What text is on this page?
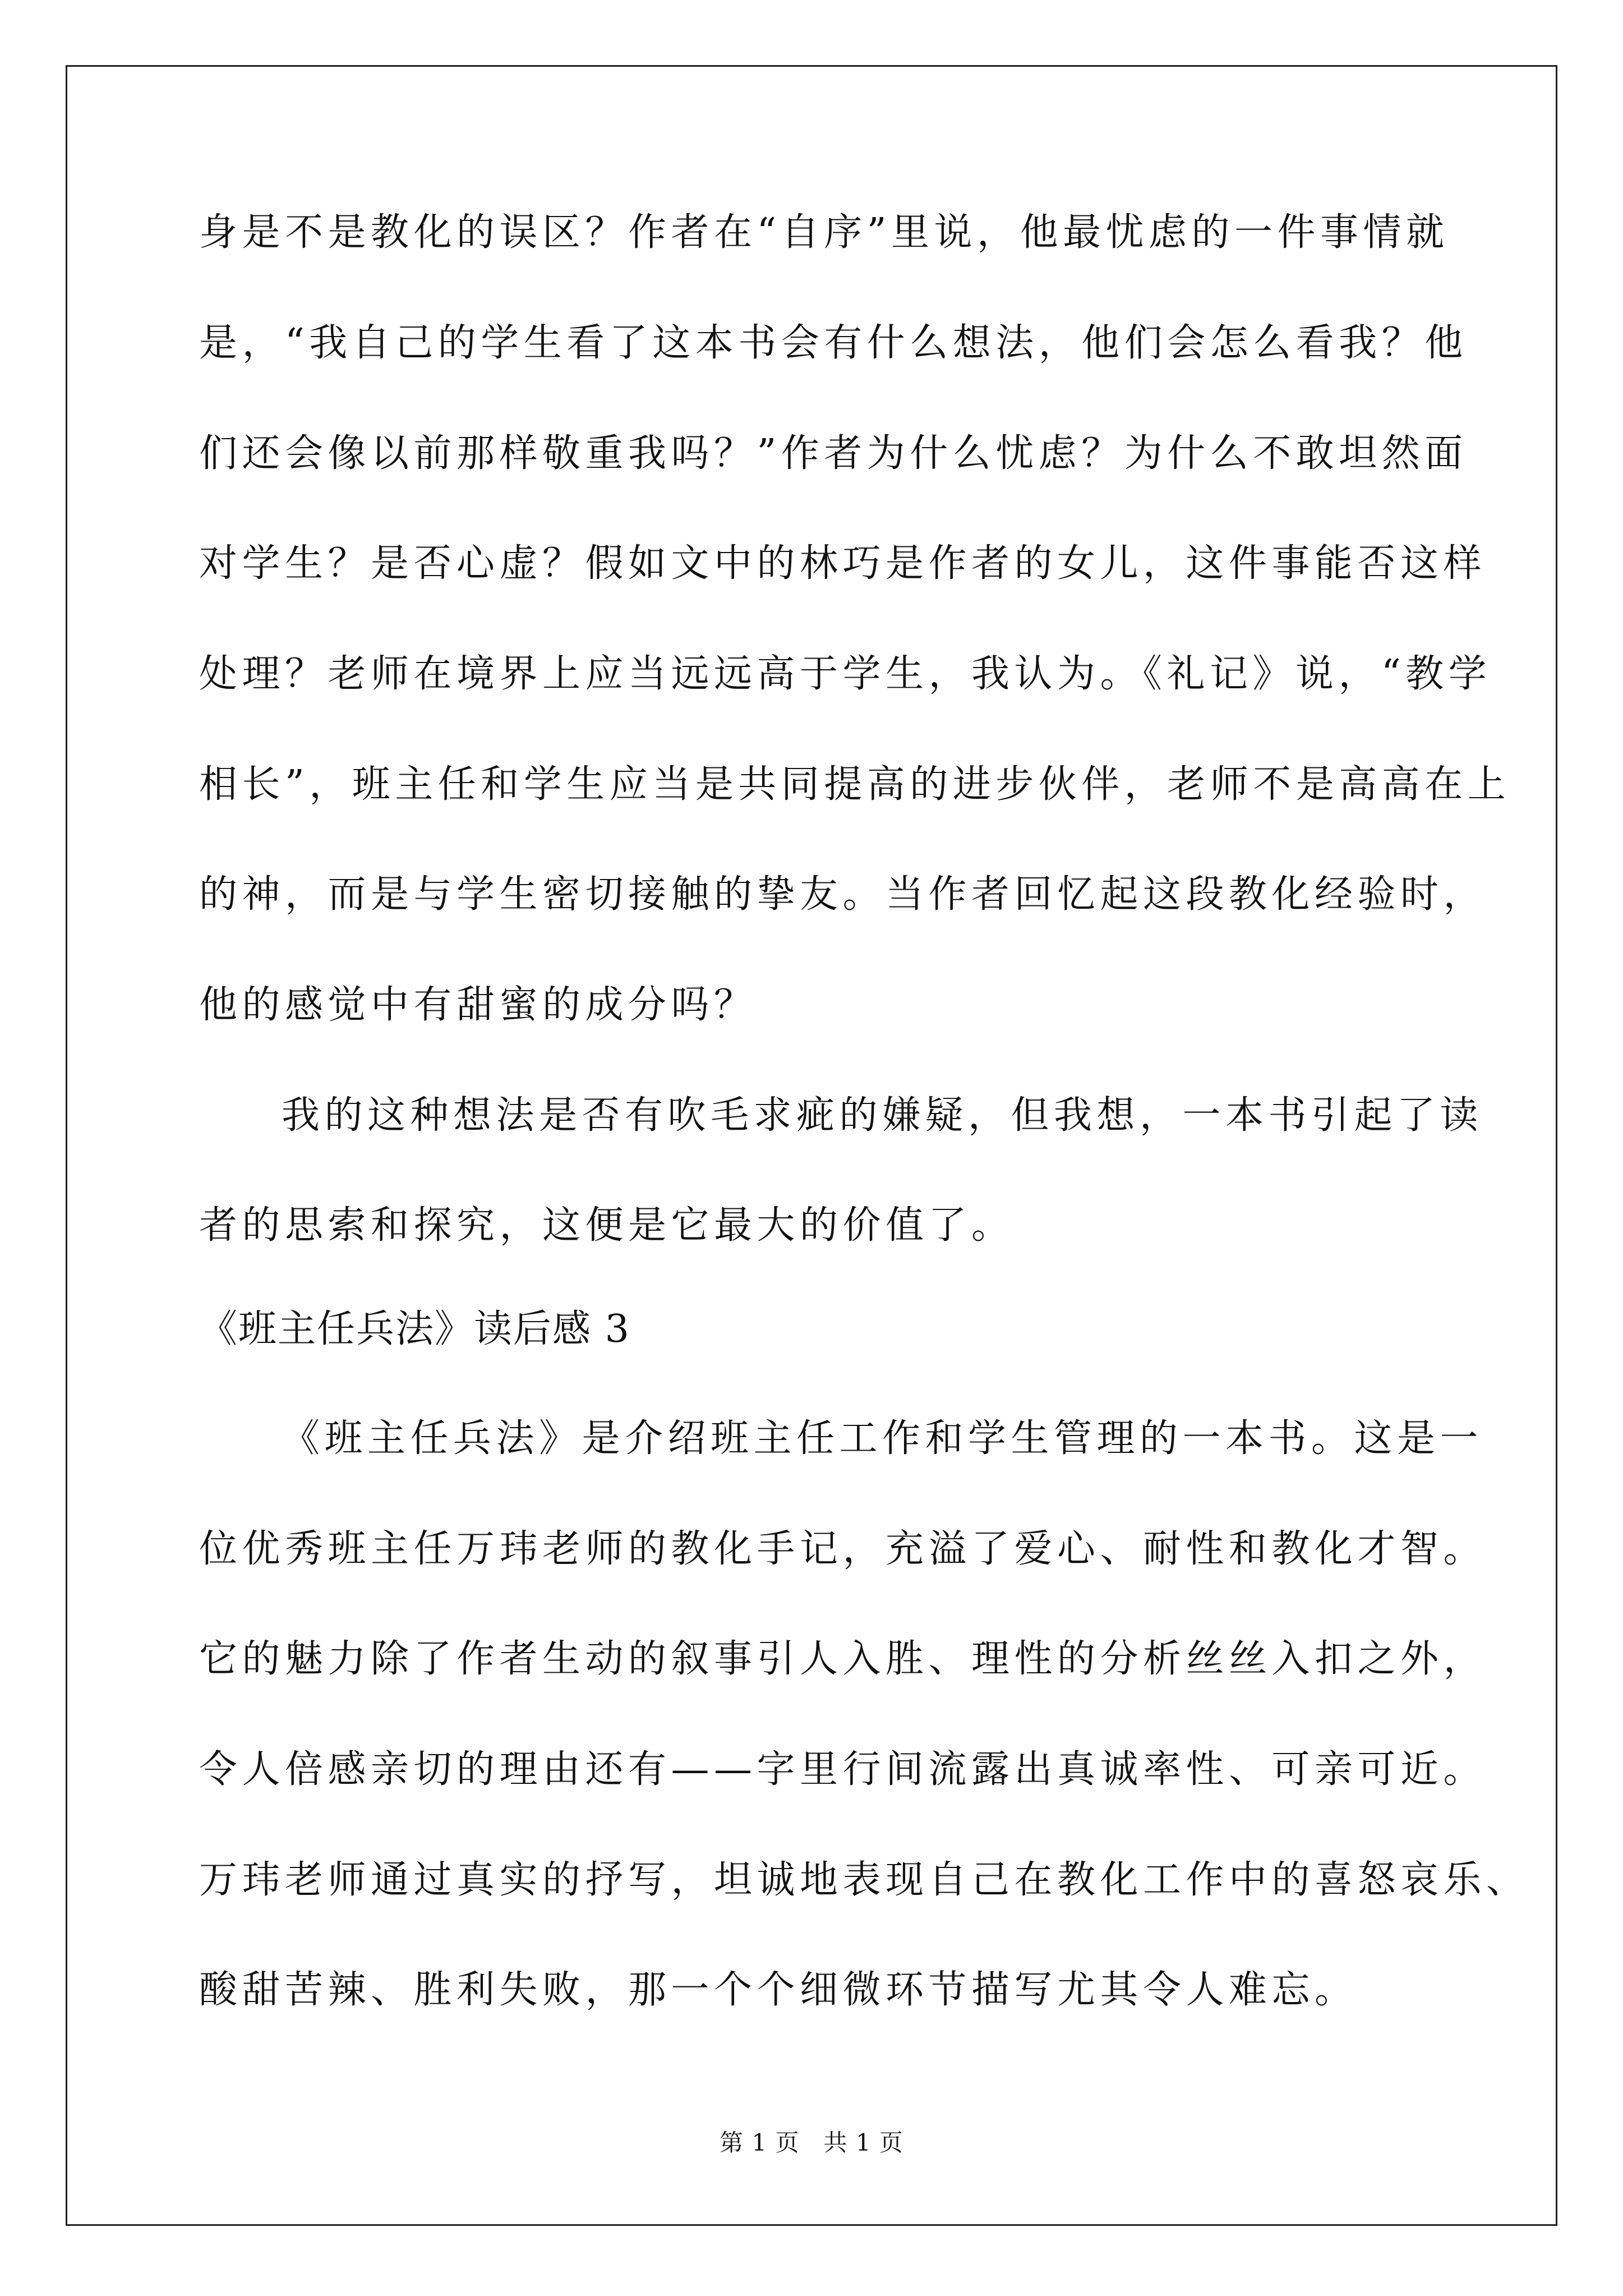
身是不是教化的误区？作者在“自序”里说，他最忧虑的一件事情就
是，“我自己的学生看了这本书会有什么想法，他们会怎么看我？他
们还会像以前那样敬重我吗？”作者为什么忧虑？为什么不敢坦然面
对学生？是否心虚？假如文中的林巧是作者的女儿，这件事能否这样
处理？老师在境界上应当远远高于学生，我认为。《礼记》说，“教学
相长”，班主任和学生应当是共同提高的进步伙伴，老师不是高高在上
的神，而是与学生密切接触的挚友。当作者回忆起这段教化经验时，
他的感觉中有甜蜜的成分吗？
我的这种想法是否有吹毛求疵的嫌疑，但我想，一本书引起了读
者的思索和探究，这便是它最大的价值了。
《班主任兵法》读后感 3
《班主任兵法》是介绍班主任工作和学生管理的一本书。这是一
位优秀班主任万玮老师的教化手记，充溢了爱心、耐性和教化才智。
它的魅力除了作者生动的叙事引人入胜、理性的分析丝丝入扣之外，
令人倍感亲切的理由还有——字里行间流露出真诚率性、可亲可近。
万玮老师通过真实的抒写，坦诚地表现自己在教化工作中的喜怒哀乐、
酸甜苦辣、胜利失败，那一个个细微环节描写尤其令人难忘。
第 1 页　共 1 页
